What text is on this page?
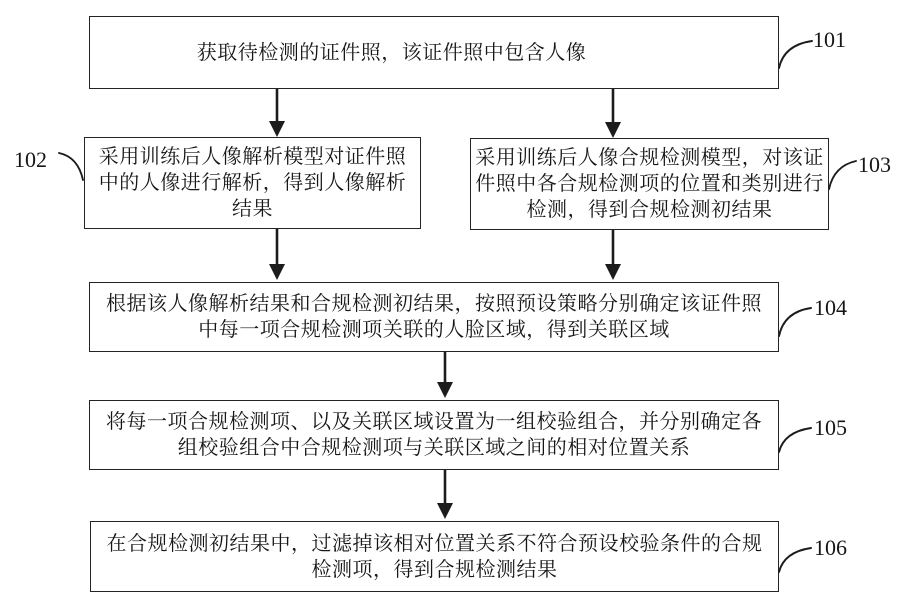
获取待检测的证件照，该证件照中包含人像
采用训练后人像解析模型对证件照
中的人像进行解析，得到人像解析
结果
采用训练后人像合规检测模型，对该证
件照中各合规检测项的位置和类别进行
检测，得到合规检测初结果
根据该人像解析结果和合规检测初结果，按照预设策略分别确定该证件照
中每一项合规检测项关联的人脸区域，得到关联区域
将每一项合规检测项、以及关联区域设置为一组校验组合，并分别确定各
组校验组合中合规检测项与关联区域之间的相对位置关系
在合规检测初结果中，过滤掉该相对位置关系不符合预设校验条件的合规
检测项，得到合规检测结果
101
102	103
104
105
106
